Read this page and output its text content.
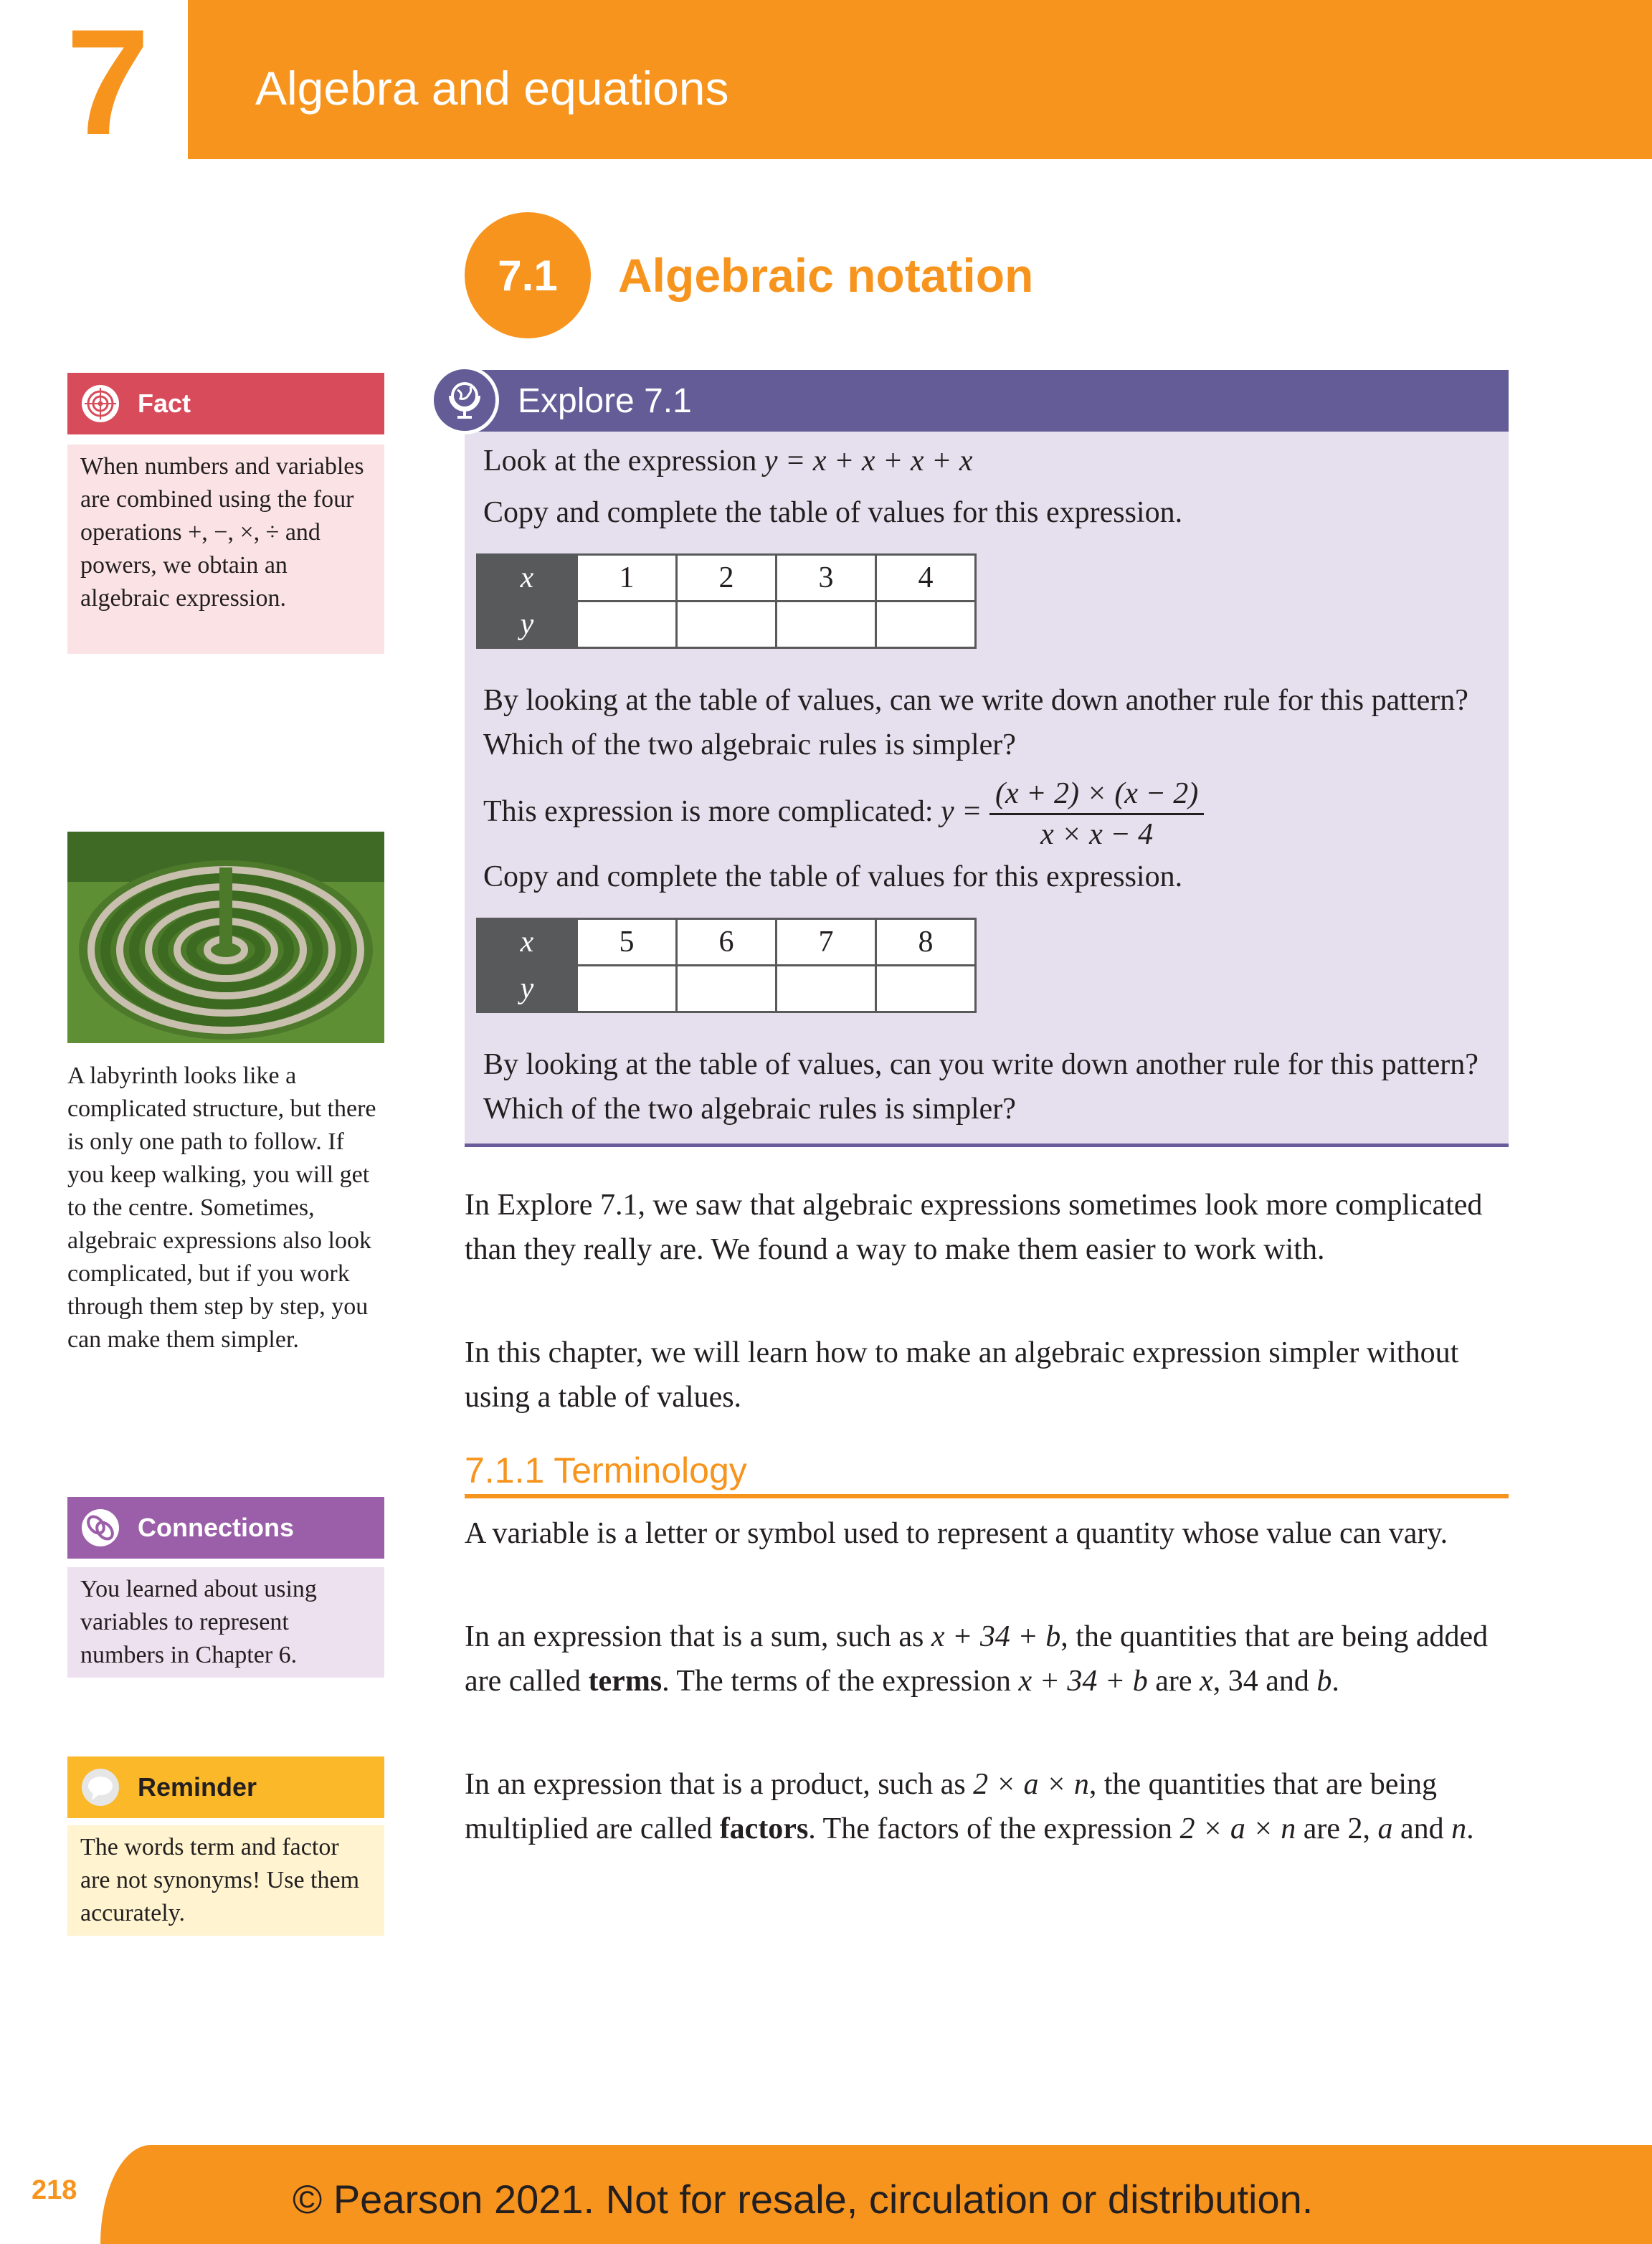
7	Algebra and equations
7.1 Algebraic notation
Fact
When numbers and variables are combined using the four operations +, −, ×, ÷ and powers, we obtain an algebraic expression.
A labyrinth looks like a complicated structure, but there is only one path to follow. If you keep walking, you will get to the centre. Sometimes, algebraic expressions also look complicated, but if you work through them step by step, you can make them simpler.
Connections
You learned about using variables to represent numbers in Chapter 6.
Reminder
The words term and factor are not synonyms! Use them accurately.
Explore 7.1
Look at the expression y = x + x + x + x
Copy and complete the table of values for this expression.
x	1	2	3	4
y				
By looking at the table of values, can we write down another rule for this pattern? Which of the two algebraic rules is simpler?
This expression is more complicated: $y = \frac{(x + 2) \times (x - 2)}{x \times x - 4}$
Copy and complete the table of values for this expression.
x	5	6	7	8
y				
By looking at the table of values, can you write down another rule for this pattern? Which of the two algebraic rules is simpler?
In Explore 7.1, we saw that algebraic expressions sometimes look more complicated than they really are. We found a way to make them easier to work with.
In this chapter, we will learn how to make an algebraic expression simpler without using a table of values.
7.1.1 Terminology
A variable is a letter or symbol used to represent a quantity whose value can vary.
In an expression that is a sum, such as x + 34 + b, the quantities that are being added are called terms. The terms of the expression x + 34 + b are x, 34 and b.
In an expression that is a product, such as 2 × a × n, the quantities that are being multiplied are called factors. The factors of the expression 2 × a × n are 2, a and n.
218	© Pearson 2021. Not for resale, circulation or distribution.
